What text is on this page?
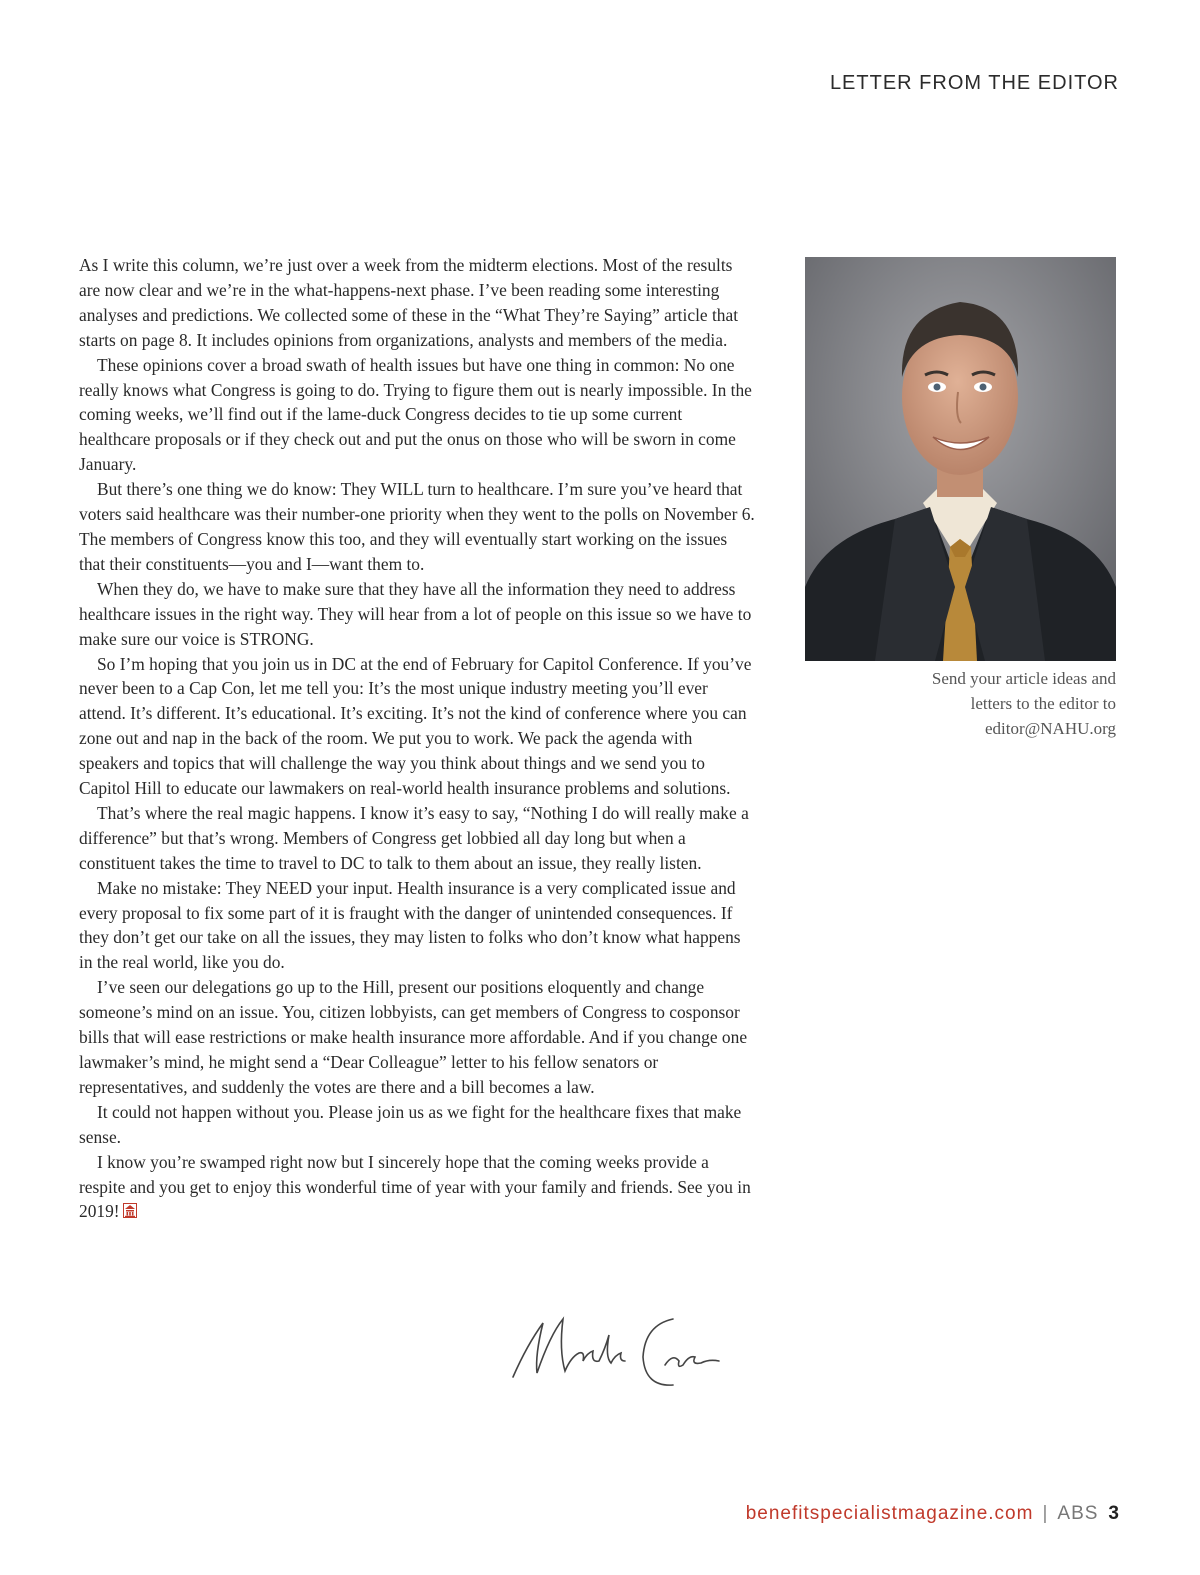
LETTER FROM THE EDITOR

As I write this column, we’re just over a week from the midterm elections. Most of the results are now clear and we’re in the what-happens-next phase. I’ve been reading some interesting analyses and predictions. We collected some of these in the “What They’re Saying” article that starts on page 8. It includes opinions from organizations, analysts and members of the media.

These opinions cover a broad swath of health issues but have one thing in common: No one really knows what Congress is going to do. Trying to figure them out is nearly impossible. In the coming weeks, we’ll find out if the lame-duck Congress decides to tie up some current healthcare proposals or if they check out and put the onus on those who will be sworn in come January.

But there’s one thing we do know: They WILL turn to healthcare. I’m sure you’ve heard that voters said healthcare was their number-one priority when they went to the polls on November 6. The members of Congress know this too, and they will eventually start working on the issues that their constituents—you and I—want them to.

When they do, we have to make sure that they have all the information they need to address healthcare issues in the right way. They will hear from a lot of people on this issue so we have to make sure our voice is STRONG.

So I’m hoping that you join us in DC at the end of February for Capitol Conference. If you’ve never been to a Cap Con, let me tell you: It’s the most unique industry meeting you’ll ever attend. It’s different. It’s educational. It’s exciting. It’s not the kind of conference where you can zone out and nap in the back of the room. We put you to work. We pack the agenda with speakers and topics that will challenge the way you think about things and we send you to Capitol Hill to educate our lawmakers on real-world health insurance problems and solutions.

That’s where the real magic happens. I know it’s easy to say, “Nothing I do will really make a difference” but that’s wrong. Members of Congress get lobbied all day long but when a constituent takes the time to travel to DC to talk to them about an issue, they really listen.

Make no mistake: They NEED your input. Health insurance is a very complicated issue and every proposal to fix some part of it is fraught with the danger of unintended consequences. If they don’t get our take on all the issues, they may listen to folks who don’t know what happens in the real world, like you do.

I’ve seen our delegations go up to the Hill, present our positions eloquently and change someone’s mind on an issue. You, citizen lobbyists, can get members of Congress to cosponsor bills that will ease restrictions or make health insurance more affordable. And if you change one lawmaker’s mind, he might send a “Dear Colleague” letter to his fellow senators or representatives, and suddenly the votes are there and a bill becomes a law.

It could not happen without you. Please join us as we fight for the healthcare fixes that make sense.

I know you’re swamped right now but I sincerely hope that the coming weeks provide a respite and you get to enjoy this wonderful time of year with your family and friends. See you in 2019!

Send your article ideas and
letters to the editor to
editor@NAHU.org
benefitspecialistmagazine.com | ABS 3
